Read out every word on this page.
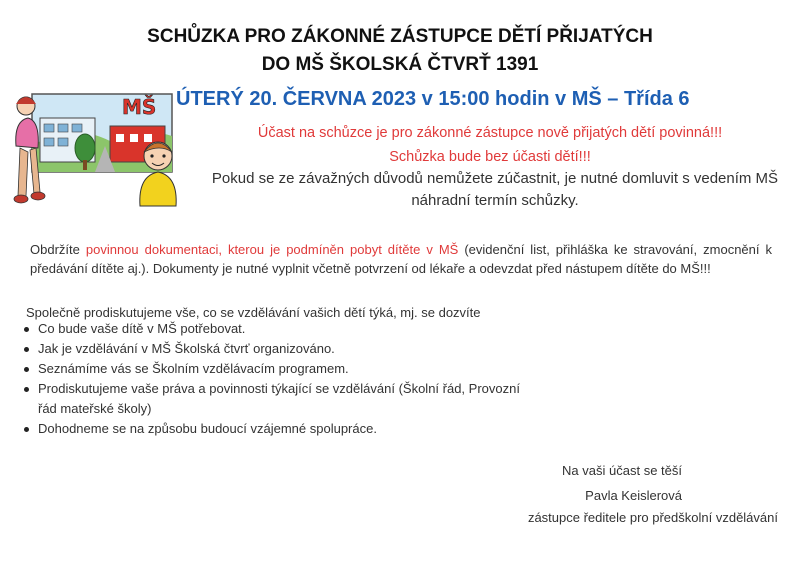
SCHŮZKA PRO ZÁKONNÉ ZÁSTUPCE DĚTÍ PŘIJATÝCH
DO MŠ ŠKOLSKÁ ČTVRŤ 1391
ÚTERÝ 20. ČERVNA 2023 v 15:00 hodin v MŠ – Třída 6
MŠ
Účast na schůzce je pro zákonné zástupce nově přijatých dětí povinná!!!
Schůzka bude bez účasti dětí!!!
Pokud se ze závažných důvodů nemůžete zúčastnit, je nutné domluvit s vedením MŠ náhradní termín schůzky.
Obdržíte povinnou dokumentaci, kterou je podmíněn pobyt dítěte v MŠ (evidenční list, přihláška ke stravování, zmocnění k předávání dítěte aj.). Dokumenty je nutné vyplnit včetně potvrzení od lékaře a odevzdat před nástupem dítěte do MŠ!!!
Společně prodiskutujeme vše, co se vzdělávání vašich dětí týká, mj. se dozvíte
Co bude vaše dítě v MŠ potřebovat.
Jak je vzdělávání v MŠ Školská čtvrť organizováno.
Seznámíme vás se Školním vzdělávacím programem.
Prodiskutujeme vaše práva a povinnosti týkající se vzdělávání (Školní řád, Provozní řád mateřské školy)
Dohodneme se na způsobu budoucí vzájemné spolupráce.
Na vaši účast se těší
Pavla Keislerová
zástupce ředitele pro předškolní vzdělávání
